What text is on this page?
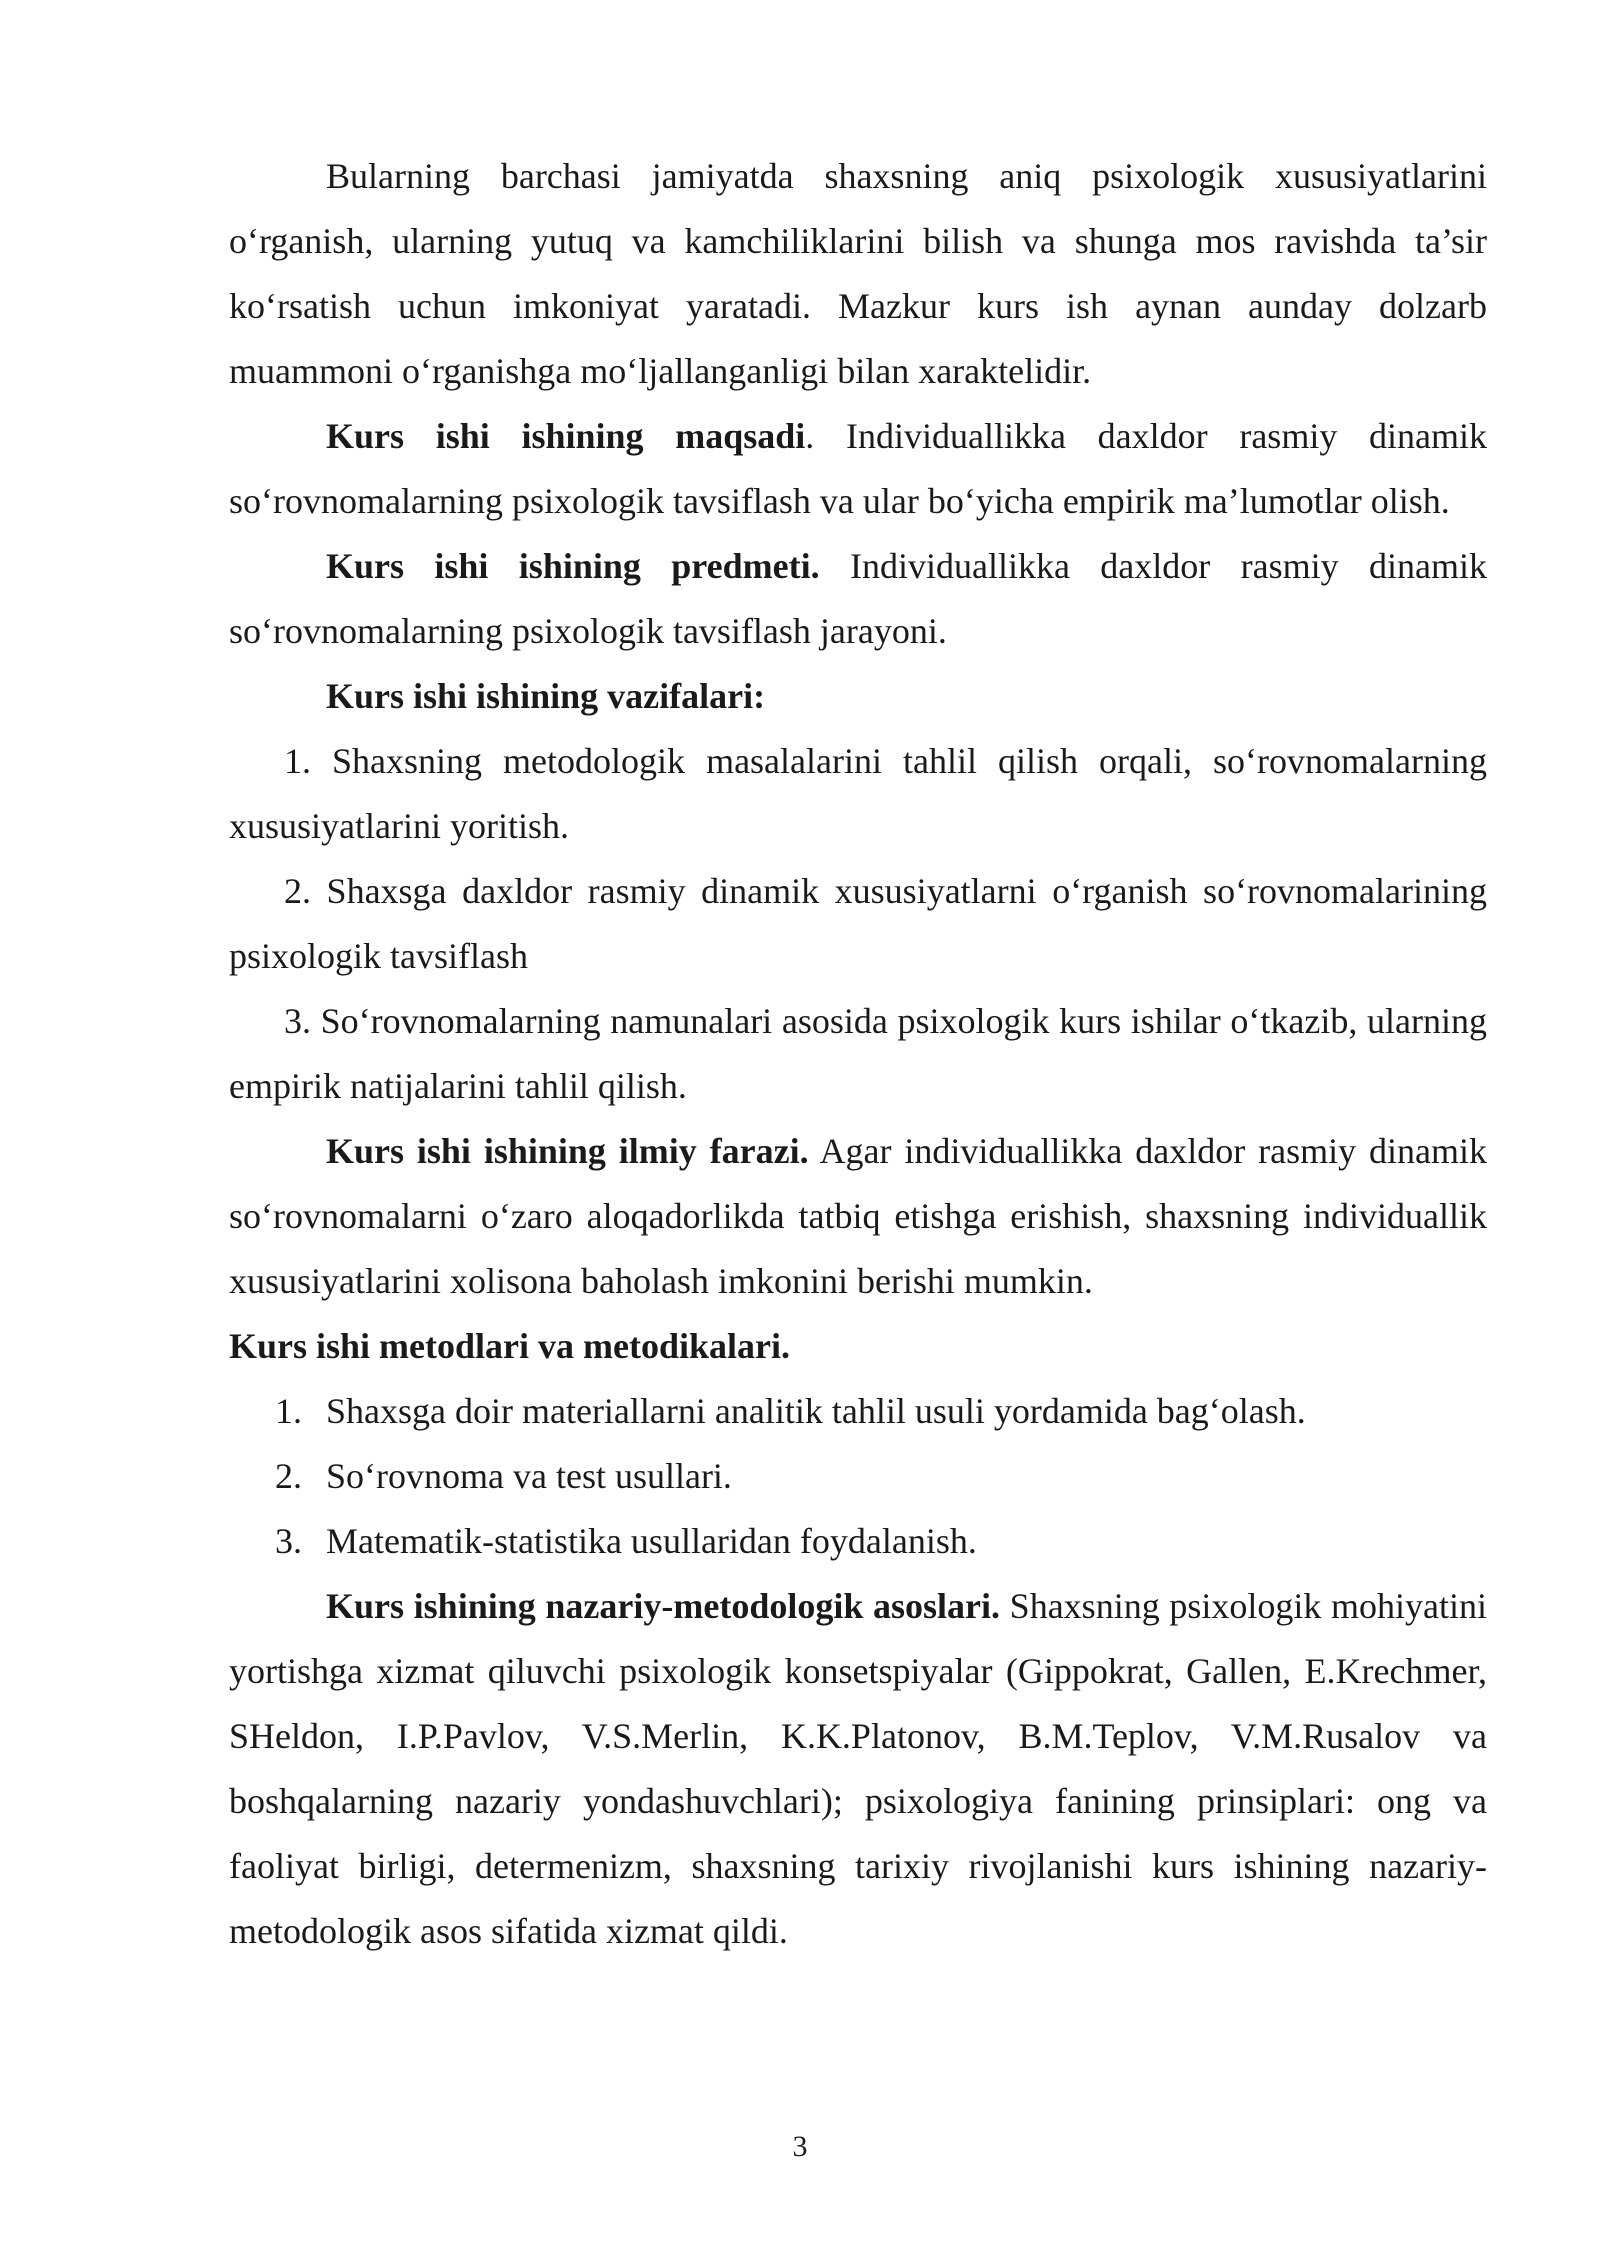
Bularning barchasi jamiyatda shaxsning aniq psixologik xususiyatlarini o‘rganish, ularning yutuq va kamchiliklarini bilish va shunga mos ravishda ta’sir ko‘rsatish uchun imkoniyat yaratadi. Mazkur kurs ish aynan aunday dolzarb muammoni o‘rganishga mo‘ljallanganligi bilan xaraktelidir.

Kurs ishi ishining maqsadi. Individuallikka daxldor rasmiy dinamik so‘rovnomalarning psixologik tavsiflash va ular bo‘yicha empirik ma’lumotlar olish.

Kurs ishi ishining predmeti. Individuallikka daxldor rasmiy dinamik so‘rovnomalarning psixologik tavsiflash jarayoni.

Kurs ishi ishining vazifalari:

1. Shaxsning metodologik masalalarini tahlil qilish orqali, so‘rovnomalarning xususiyatlarini yoritish.

2. Shaxsga daxldor rasmiy dinamik xususiyatlarni o‘rganish so‘rovnomalarining psixologik tavsiflash

3. So‘rovnomalarning namunalari asosida psixologik kurs ishilar o‘tkazib, ularning empirik natijalarini tahlil qilish.

Kurs ishi ishining ilmiy farazi. Agar individuallikka daxldor rasmiy dinamik so‘rovnomalarni o‘zaro aloqadorlikda tatbiq etishga erishish, shaxsning individuallik xususiyatlarini xolisona baholash imkonini berishi mumkin.

Kurs ishi metodlari va metodikalari.

1. Shaxsga doir materiallarni analitik tahlil usuli yordamida bag‘olash.
2. So‘rovnoma va test usullari.
3. Matematik-statistika usullaridan foydalanish.

Kurs ishining nazariy-metodologik asoslari. Shaxsning psixologik mohiyatini yortishga xizmat qiluvchi psixologik konsetspiyalar (Gippokrat, Gallen, E.Krechmer, SHeldon, I.P.Pavlov, V.S.Merlin, K.K.Platonov, B.M.Teplov, V.M.Rusalov va boshqalarning nazariy yondashuvchlari); psixologiya fanining prinsiplari: ong va faoliyat birligi, determenizm, shaxsning tarixiy rivojlanishi kurs ishining nazariy-metodologik asos sifatida xizmat qildi.

3
